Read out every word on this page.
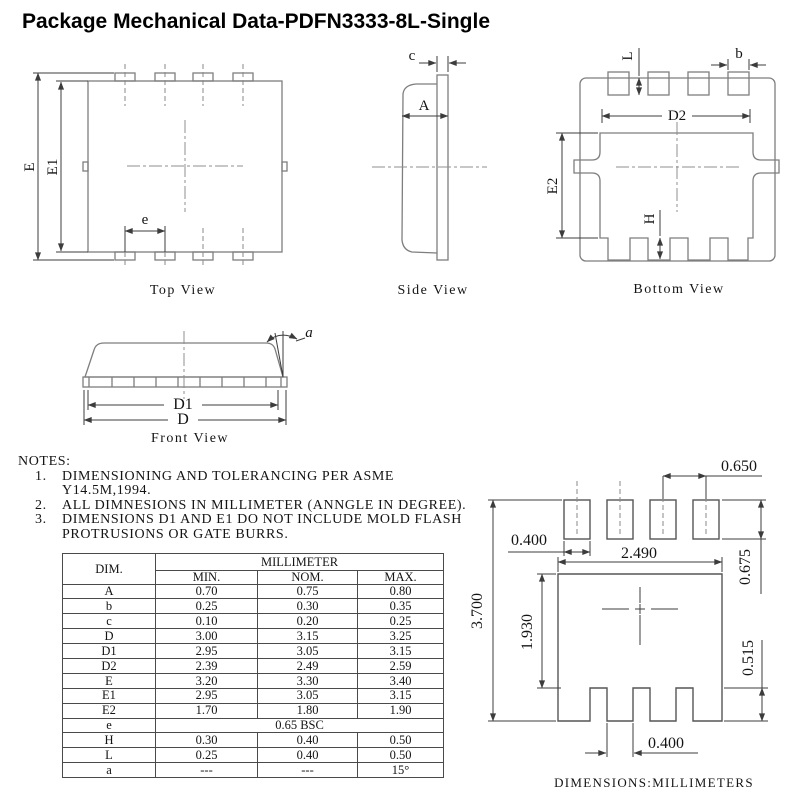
Package Mechanical Data-PDFN3333-8L-Single
E E1
e
Top View
c
A
Side View
L	b
D2
E2
H
Bottom View
a
D1
D
Front View
0.650
0.400
2.490	0.675
3.700
1.930
0.515
0.400
DIMENSIONS:MILLIMETERS
NOTES:
1.	DIMENSIONING AND TOLERANCING PER ASME
Y14.5M,1994.
2.	ALL DIMNESIONS IN MILLIMETER (ANNGLE IN DEGREE).
3.	DIMENSIONS D1 AND E1 DO NOT INCLUDE MOLD FLASH
PROTRUSIONS OR GATE BURRS.
DIM.	MILLIMETER		
	MIN.	NOM.	MAX.
A	0.70	0.75	0.80
b	0.25	0.30	0.35
c	0.10	0.20	0.25
D	3.00	3.15	3.25
D1	2.95	3.05	3.15
D2	2.39	2.49	2.59
E	3.20	3.30	3.40
E1	2.95	3.05	3.15
E2	1.70	1.80	1.90
e	0.65 BSC		
H	0.30	0.40	0.50
L	0.25	0.40	0.50
a	---	---	15°
